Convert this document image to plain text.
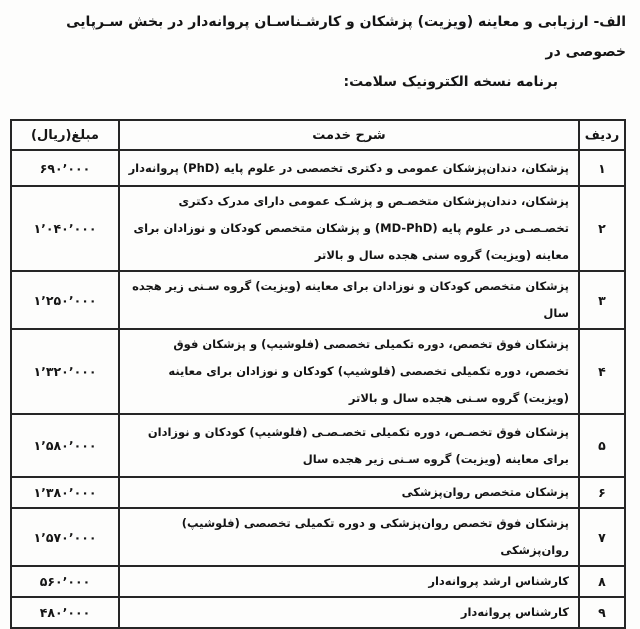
الف- ارزیابی و معاینه (ویزیت) پزشکان و کارشـناسـان پروانه‌دار در بخش سـرپایی خصوصی در
برنامه نسخه الکترونیک سلامت:
ردیف	شرح خدمت	مبلغ(ریال)
۱	پزشکان، دندان‌پزشکان عمومی و دکتری تخصصی در علوم پایه (PhD) پروانه‌دار	۶۹۰٬۰۰۰
۲	پزشکان، دندان‌پزشکان متخصـص و پزشـک عمومی دارای مدرک دکتری تخصـصـی در علوم پایه (MD-PhD) و پزشکان متخصص کودکان و نوزادان برای معاینه (ویزیت) گروه سنی هجده سال و بالاتر	۱٬۰۴۰٬۰۰۰
۳	پزشکان متخصص کودکان و نوزادان برای معاینه (ویزیت) گروه سـنی زیر هجده سال	۱٬۲۵۰٬۰۰۰
۴	پزشکان فوق تخصص، دوره تکمیلی تخصصی (فلوشیپ) و پزشکان فوق تخصص، دوره تکمیلی تخصصی (فلوشیپ) کودکان و نوزادان برای معاینه (ویزیت) گروه سـنی هجده سال و بالاتر	۱٬۳۲۰٬۰۰۰
۵	پزشکان فوق تخصـص، دوره تکمیلی تخصـصـی (فلوشیپ) کودکان و نوزادان برای معاینه (ویزیت) گروه سـنی زیر هجده سال	۱٬۵۸۰٬۰۰۰
۶	پزشکان متخصص روان‌پزشکی	۱٬۳۸۰٬۰۰۰
۷	پزشکان فوق تخصص روان‌پزشکی و دوره تکمیلی تخصصی (فلوشیپ) روان‌پزشکی	۱٬۵۷۰٬۰۰۰
۸	کارشناس ارشد پروانه‌دار	۵۶۰٬۰۰۰
۹	کارشناس پروانه‌دار	۴۸۰٬۰۰۰
